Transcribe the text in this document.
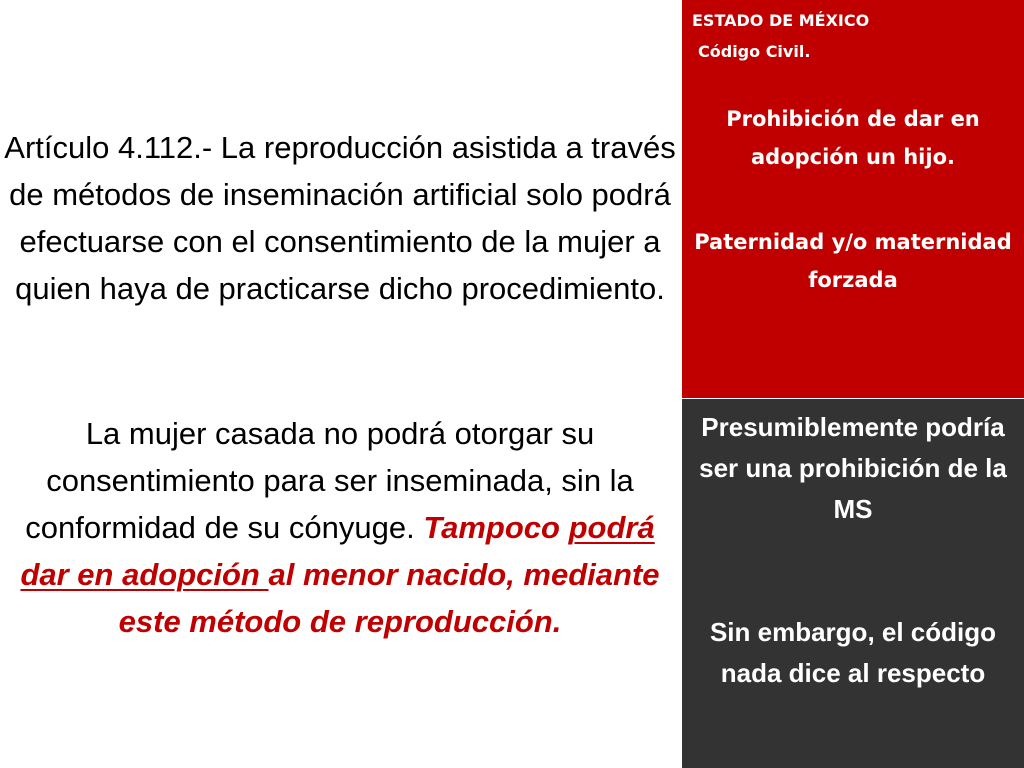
Artículo 4.112.- La reproducción asistida a través de métodos de inseminación artificial solo podrá efectuarse con el consentimiento de la mujer a quien haya de practicarse dicho procedimiento.

La mujer casada no podrá otorgar su consentimiento para ser inseminada, sin la conformidad de su cónyuge. Tampoco podrá dar en adopción al menor nacido, mediante este método de reproducción.

ESTADO DE MÉXICO
Código Civil.

Prohibición de dar en adopción un hijo.

Paternidad y/o maternidad forzada

Presumiblemente podría ser una prohibición de la MS

Sin embargo, el código nada dice al respecto
